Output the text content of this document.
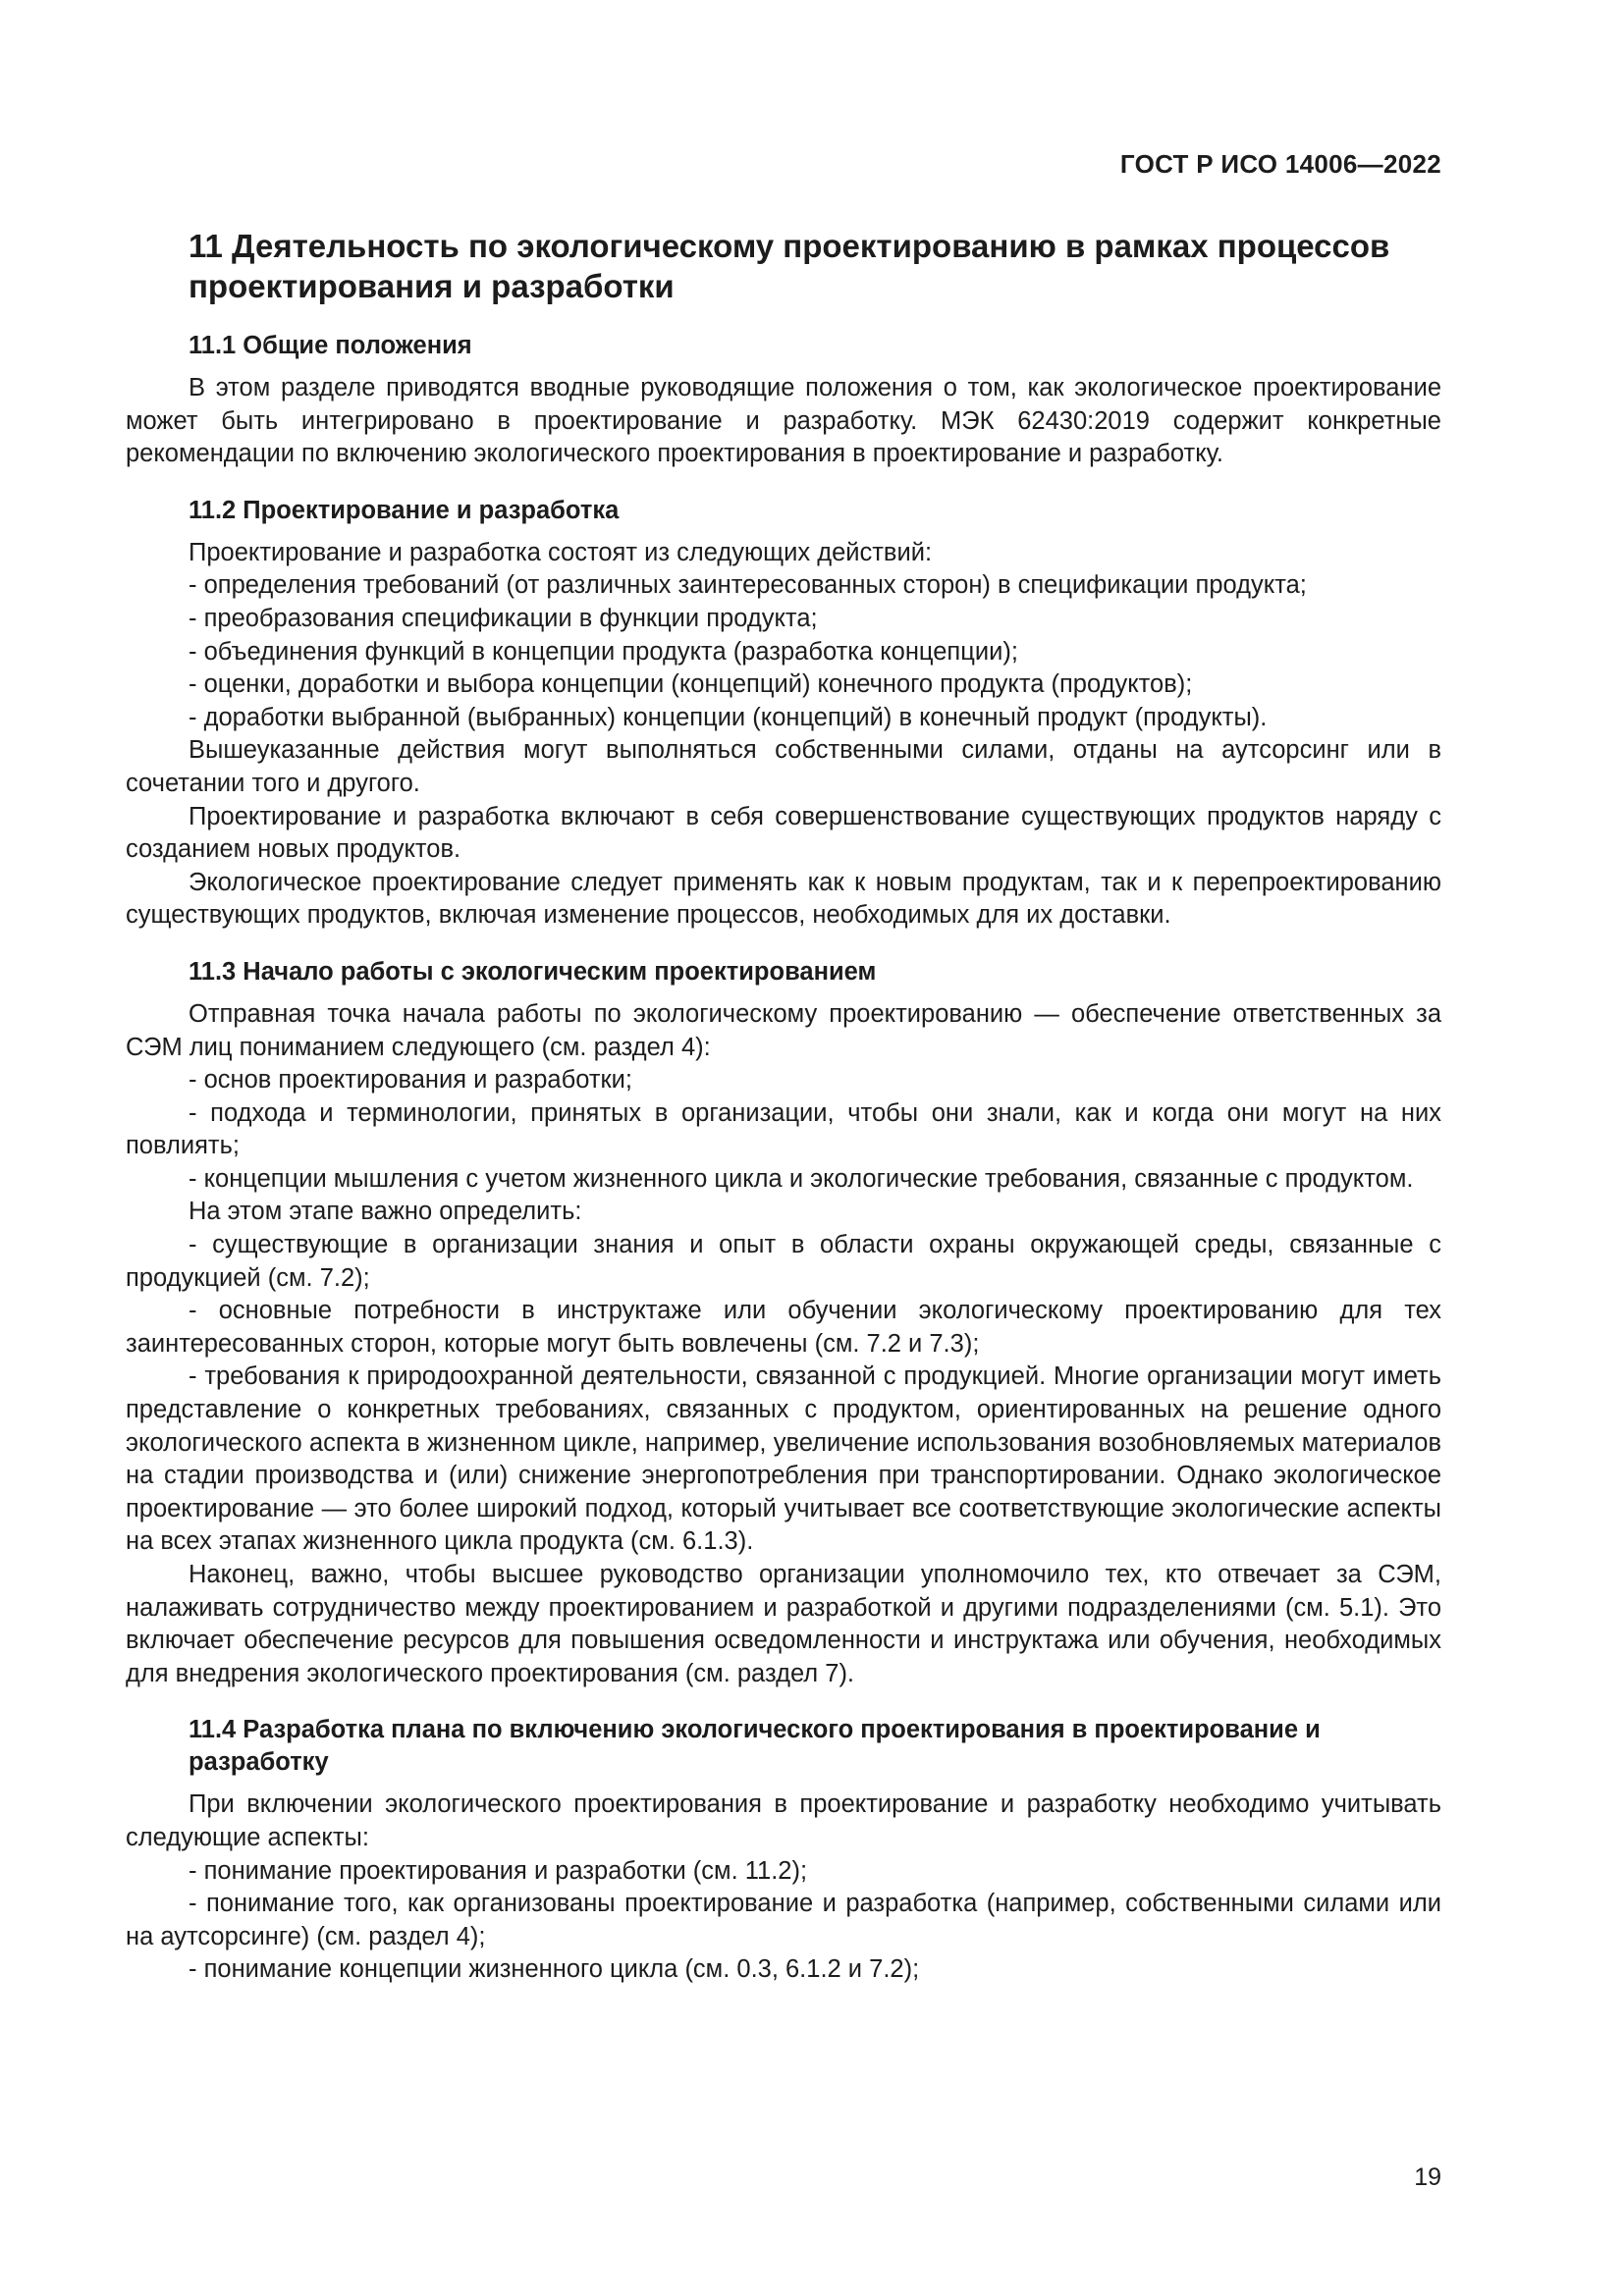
ГОСТ Р ИСО 14006—2022
11 Деятельность по экологическому проектированию в рамках процессов проектирования и разработки
11.1 Общие положения

В этом разделе приводятся вводные руководящие положения о том, как экологическое проектирование может быть интегрировано в проектирование и разработку. МЭК 62430:2019 содержит конкретные рекомендации по включению экологического проектирования в проектирование и разработку.

11.2 Проектирование и разработка

Проектирование и разработка состоят из следующих действий:

- определения требований (от различных заинтересованных сторон) в спецификации продукта;

- преобразования спецификации в функции продукта;

- объединения функций в концепции продукта (разработка концепции);

- оценки, доработки и выбора концепции (концепций) конечного продукта (продуктов);

- доработки выбранной (выбранных) концепции (концепций) в конечный продукт (продукты).

Вышеуказанные действия могут выполняться собственными силами, отданы на аутсорсинг или в сочетании того и другого.

Проектирование и разработка включают в себя совершенствование существующих продуктов наряду с созданием новых продуктов.

Экологическое проектирование следует применять как к новым продуктам, так и к перепроектированию существующих продуктов, включая изменение процессов, необходимых для их доставки.

11.3 Начало работы с экологическим проектированием

Отправная точка начала работы по экологическому проектированию — обеспечение ответственных за СЭМ лиц пониманием следующего (см. раздел 4):

- основ проектирования и разработки;

- подхода и терминологии, принятых в организации, чтобы они знали, как и когда они могут на них повлиять;

- концепции мышления с учетом жизненного цикла и экологические требования, связанные с продуктом.

На этом этапе важно определить:

- существующие в организации знания и опыт в области охраны окружающей среды, связанные с продукцией (см. 7.2);

- основные потребности в инструктаже или обучении экологическому проектированию для тех заинтересованных сторон, которые могут быть вовлечены (см. 7.2 и 7.3);

- требования к природоохранной деятельности, связанной с продукцией. Многие организации могут иметь представление о конкретных требованиях, связанных с продуктом, ориентированных на решение одного экологического аспекта в жизненном цикле, например, увеличение использования возобновляемых материалов на стадии производства и (или) снижение энергопотребления при транспортировании. Однако экологическое проектирование — это более широкий подход, который учитывает все соответствующие экологические аспекты на всех этапах жизненного цикла продукта (см. 6.1.3).

Наконец, важно, чтобы высшее руководство организации уполномочило тех, кто отвечает за СЭМ, налаживать сотрудничество между проектированием и разработкой и другими подразделениями (см. 5.1). Это включает обеспечение ресурсов для повышения осведомленности и инструктажа или обучения, необходимых для внедрения экологического проектирования (см. раздел 7).

11.4 Разработка плана по включению экологического проектирования в проектирование и разработку

При включении экологического проектирования в проектирование и разработку необходимо учитывать следующие аспекты:

- понимание проектирования и разработки (см. 11.2);

- понимание того, как организованы проектирование и разработка (например, собственными силами или на аутсорсинге) (см. раздел 4);

- понимание концепции жизненного цикла (см. 0.3, 6.1.2 и 7.2);

19
